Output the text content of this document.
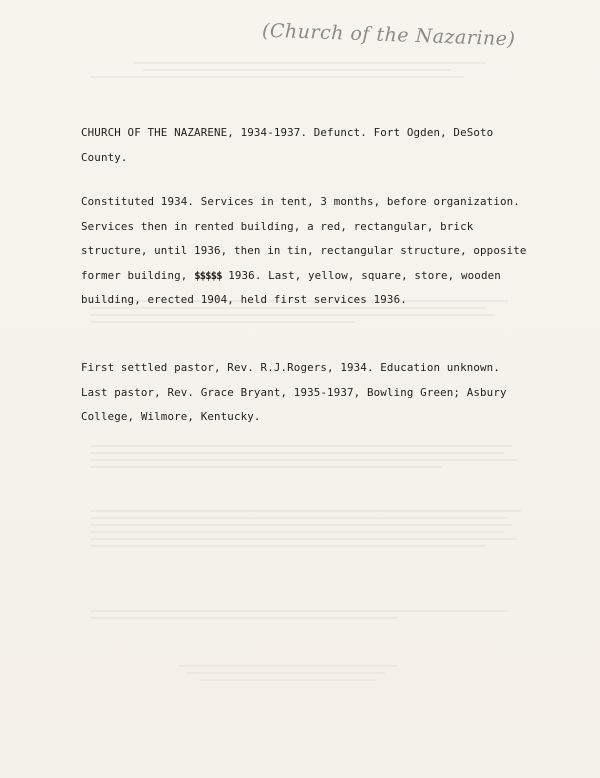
(Church of the Nazarine)
CHURCH OF THE NAZARENE, 1934-1937. Defunct. Fort Ogden, DeSoto
County.
Constituted 1934. Services in tent, 3 months, before organization.
Services then in rented building, a red, rectangular, brick
structure, until 1936, then in tin, rectangular structure, opposite
former building, $$$$$ 1936. Last, yellow, square, store, wooden
building, erected 1904, held first services 1936.
First settled pastor, Rev. R.J.Rogers, 1934. Education unknown.
Last pastor, Rev. Grace Bryant, 1935-1937, Bowling Green; Asbury
College, Wilmore, Kentucky.
